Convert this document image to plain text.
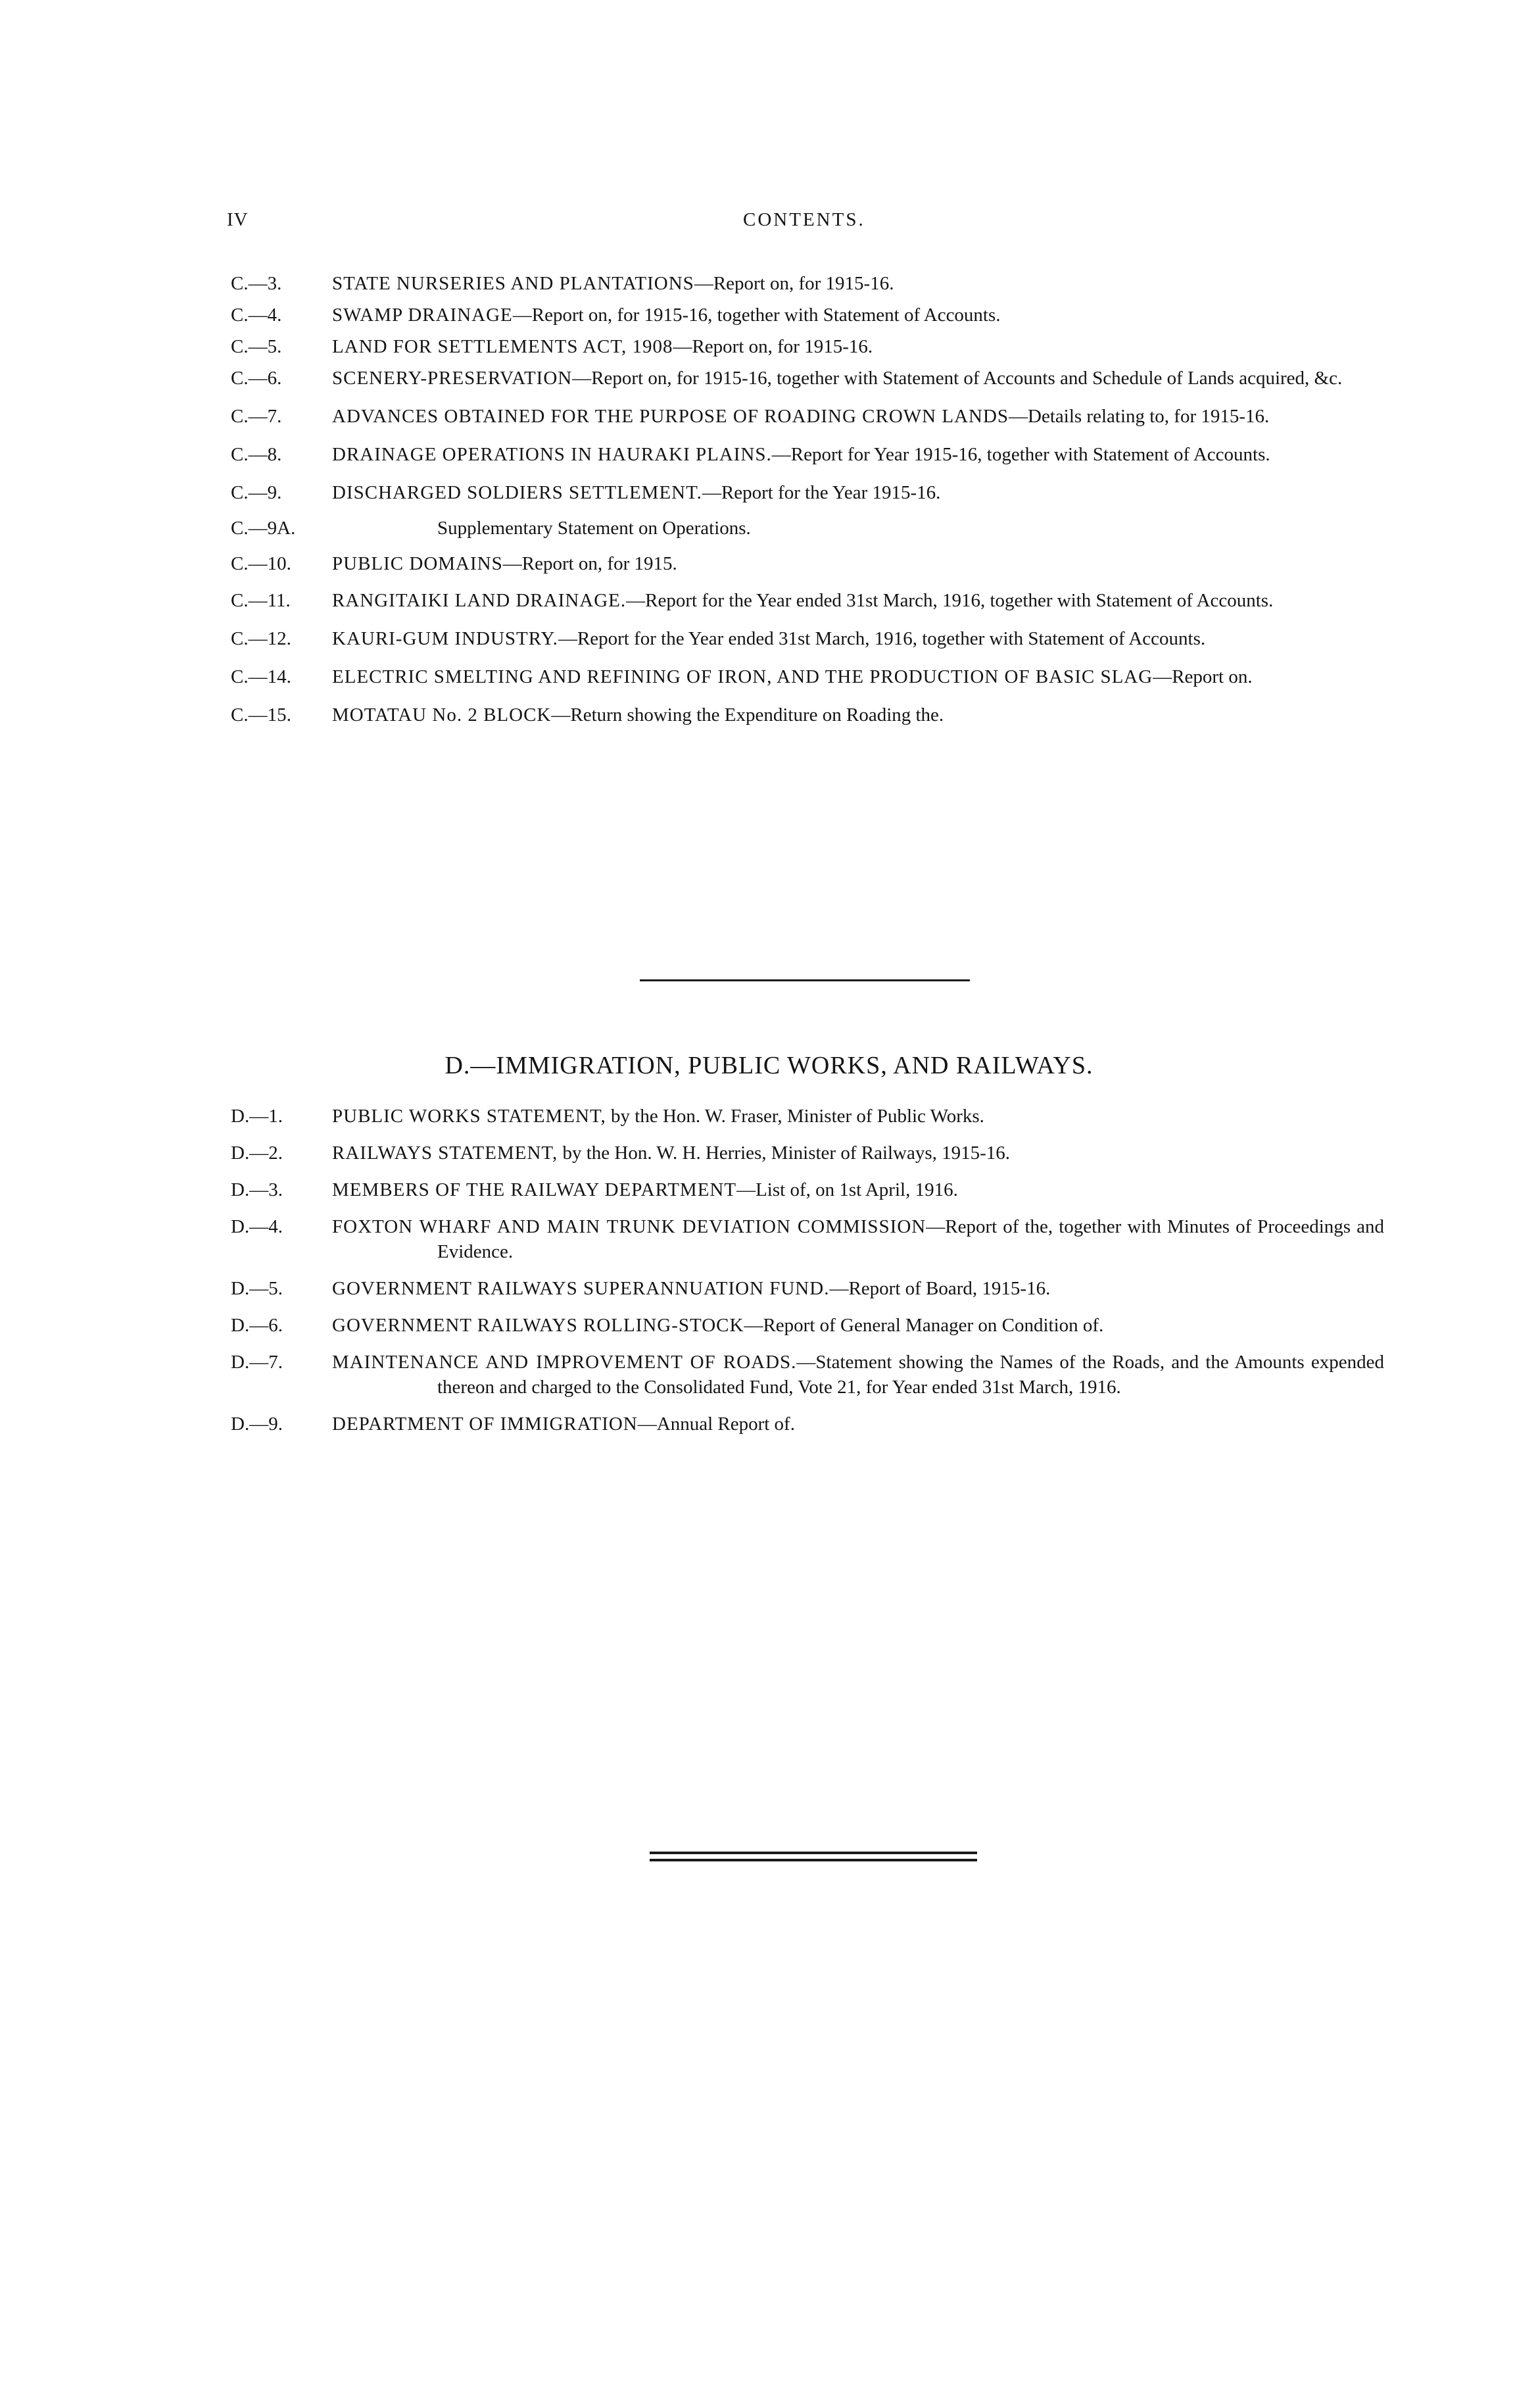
IV	CONTENTS.
C.—3.	STATE NURSERIES AND PLANTATIONS—Report on, for 1915-16.
C.—4.	SWAMP DRAINAGE—Report on, for 1915-16, together with Statement of Accounts.
C.—5.	LAND FOR SETTLEMENTS ACT, 1908—Report on, for 1915-16.
C.—6.	SCENERY-PRESERVATION—Report on, for 1915-16, together with Statement of Accounts and Schedule of Lands acquired, &c.
C.—7.	ADVANCES OBTAINED FOR THE PURPOSE OF ROADING CROWN LANDS—Details relating to, for 1915-16.
C.—8.	DRAINAGE OPERATIONS IN HAURAKI PLAINS.—Report for Year 1915-16, together with Statement of Accounts.
C.—9.	DISCHARGED SOLDIERS SETTLEMENT.—Report for the Year 1915-16.
C.—9A.	Supplementary Statement on Operations.
C.—10.	PUBLIC DOMAINS—Report on, for 1915.
C.—11.	RANGITAIKI LAND DRAINAGE.—Report for the Year ended 31st March, 1916, together with Statement of Accounts.
C.—12.	KAURI-GUM INDUSTRY.—Report for the Year ended 31st March, 1916, together with Statement of Accounts.
C.—14.	ELECTRIC SMELTING AND REFINING OF IRON, AND THE PRODUCTION OF BASIC SLAG—Report on.
C.—15.	MOTATAU No. 2 BLOCK—Return showing the Expenditure on Roading the.
D.—IMMIGRATION, PUBLIC WORKS, AND RAILWAYS.
D.—1.	PUBLIC WORKS STATEMENT, by the Hon. W. Fraser, Minister of Public Works.
D.—2.	RAILWAYS STATEMENT, by the Hon. W. H. Herries, Minister of Railways, 1915-16.
D.—3.	MEMBERS OF THE RAILWAY DEPARTMENT—List of, on 1st April, 1916.
D.—4.	FOXTON WHARF AND MAIN TRUNK DEVIATION COMMISSION—Report of the, together with Minutes of Proceedings and Evidence.
D.—5.	GOVERNMENT RAILWAYS SUPERANNUATION FUND.—Report of Board, 1915-16.
D.—6.	GOVERNMENT RAILWAYS ROLLING-STOCK—Report of General Manager on Condition of.
D.—7.	MAINTENANCE AND IMPROVEMENT OF ROADS.—Statement showing the Names of the Roads, and the Amounts expended thereon and charged to the Consolidated Fund, Vote 21, for Year ended 31st March, 1916.
D.—9.	DEPARTMENT OF IMMIGRATION—Annual Report of.
